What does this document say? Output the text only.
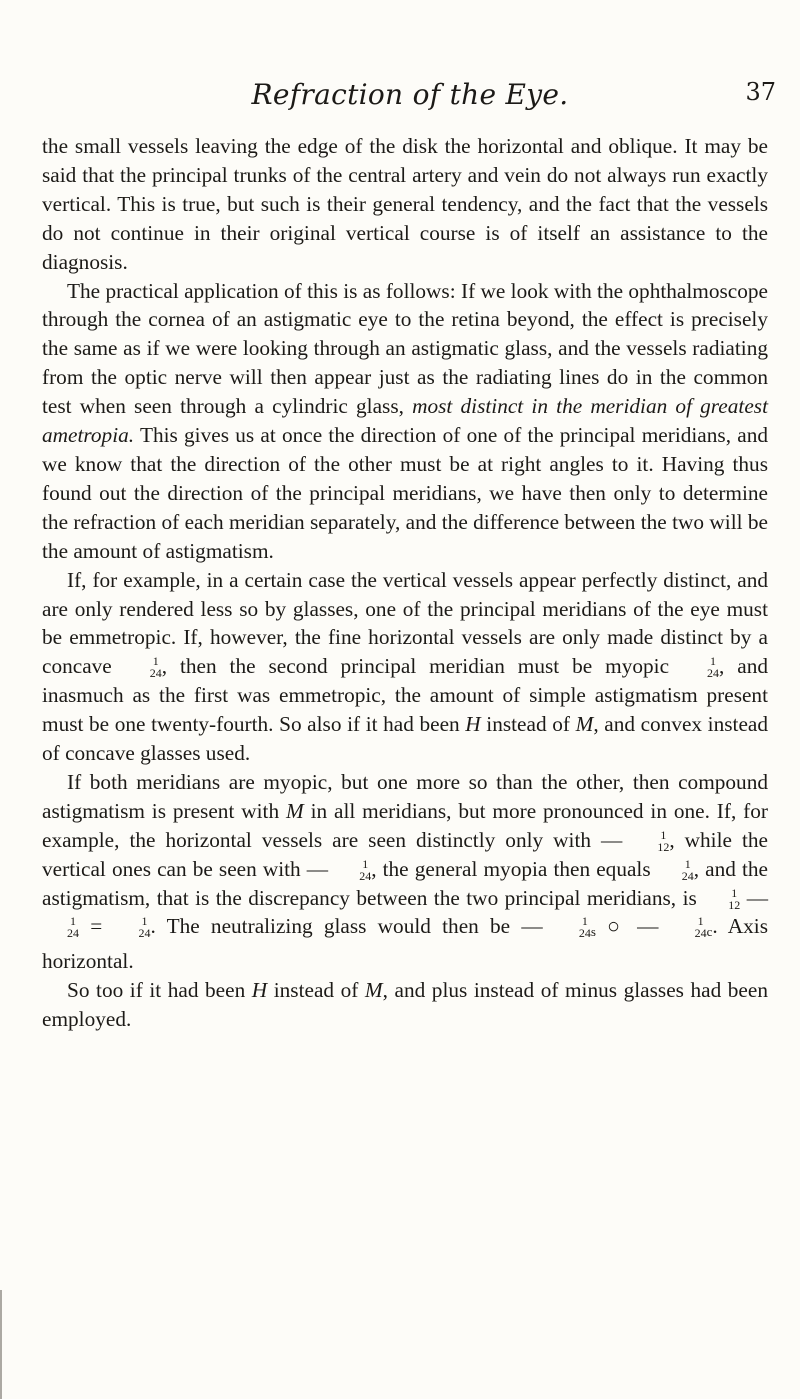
Refraction of the Eye.	37

the small vessels leaving the edge of the disk the horizontal and oblique. It may be said that the principal trunks of the central artery and vein do not always run exactly vertical. This is true, but such is their general tendency, and the fact that the vessels do not continue in their original vertical course is of itself an assistance to the diagnosis.

The practical application of this is as follows: If we look with the ophthalmoscope through the cornea of an astigmatic eye to the retina beyond, the effect is precisely the same as if we were looking through an astigmatic glass, and the vessels radiating from the optic nerve will then appear just as the radiating lines do in the common test when seen through a cylindric glass, most distinct in the meridian of greatest ametropia. This gives us at once the direction of one of the principal meridians, and we know that the direction of the other must be at right angles to it. Having thus found out the direction of the principal meridians, we have then only to determine the refraction of each meridian separately, and the difference between the two will be the amount of astigmatism.

If, for example, in a certain case the vertical vessels appear perfectly distinct, and are only rendered less so by glasses, one of the principal meridians of the eye must be emmetropic. If, however, the fine horizontal vessels are only made distinct by a concave	1
24 , then the second principal meridian must be myopic	1
24 , and inasmuch as the first was emmetropic, the amount of simple astigmatism present must be one twenty-fourth. So also if it had been H instead of M, and convex instead of concave glasses used.

If both meridians are myopic, but one more so than the other, then compound astigmatism is present with M in all meridians, but more pronounced in one. If, for example, the horizontal vessels are seen distinctly only with —	1
12 , while the vertical ones can be seen with —	1
24 , the general myopia then equals	1
24 , and the astigmatism, that is the discrepancy between the two principal meridians, is	1
12 —
1
24 =	1
24 . The neutralizing glass would then be —	1
24 $_s$ ○ —	1
24 $_c$. Axis horizontal.

So too if it had been H instead of M, and plus instead of minus glasses had been employed.
